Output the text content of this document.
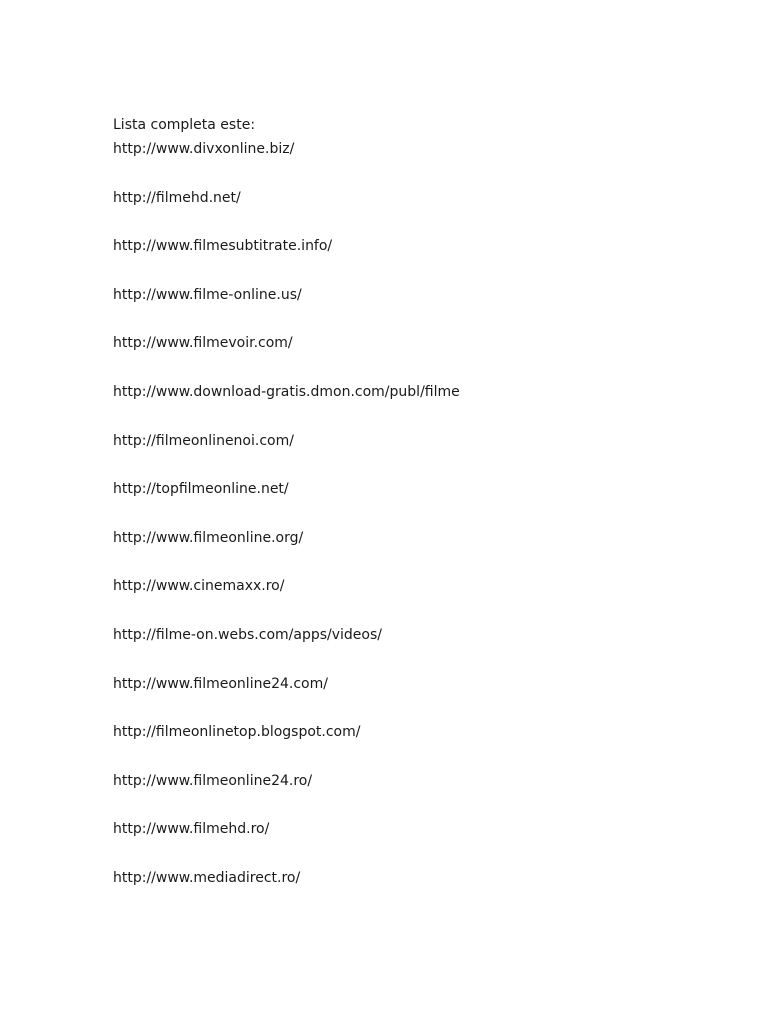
Lista completa este:

http://www.divxonline.biz/
http://filmehd.net/
http://www.filmesubtitrate.info/
http://www.filme-online.us/
http://www.filmevoir.com/
http://www.download-gratis.dmon.com/publ/filme
http://filmeonlinenoi.com/
http://topfilmeonline.net/
http://www.filmeonline.org/
http://www.cinemaxx.ro/
http://filme-on.webs.com/apps/videos/
http://www.filmeonline24.com/
http://filmeonlinetop.blogspot.com/
http://www.filmeonline24.ro/
http://www.filmehd.ro/
http://www.mediadirect.ro/
